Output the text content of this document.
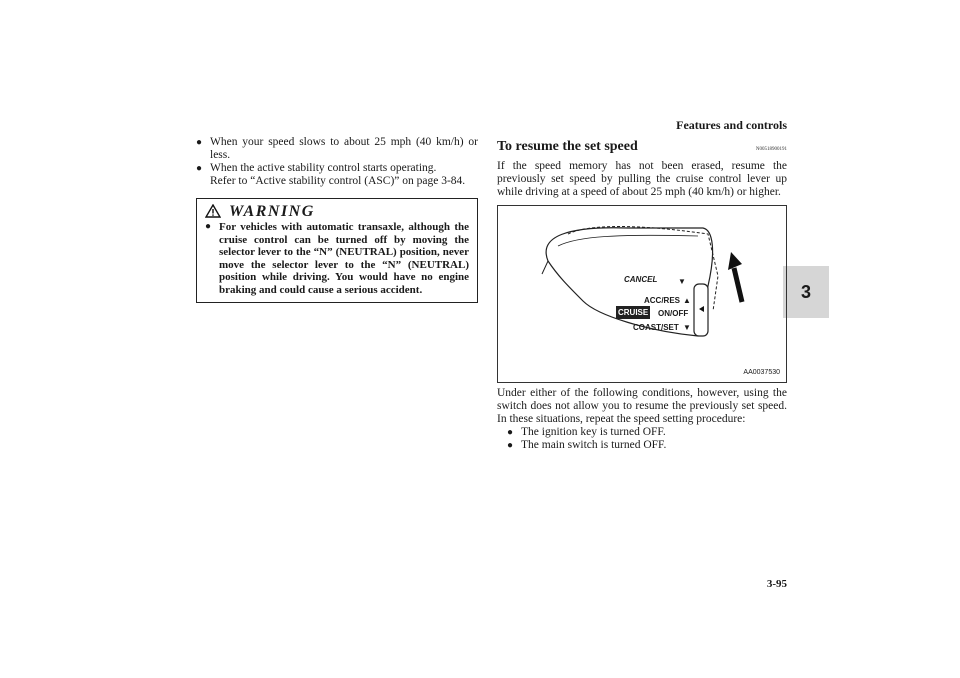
Features and controls
3
3-95
● When your speed slows to about 25 mph (40 km/h) or less.
● When the active stability control starts operating.
Refer to “Active stability control (ASC)” on page 3-84.
WARNING
● For vehicles with automatic transaxle, although the cruise control can be turned off by moving the selector lever to the “N” (NEUTRAL) position, never move the selector lever to the “N” (NEUTRAL) position while driving. You would have no engine braking and could cause a serious accident.
To resume the set speed	N00518900191
If the speed memory has not been erased, resume the previously set speed by pulling the cruise control lever up while driving at a speed of about 25 mph (40 km/h) or higher.
CANCEL	▼
ACC/RES ▲
CRUISE ON/OFF
COAST/SET ▼
AA0037530
Under either of the following conditions, however, using the switch does not allow you to resume the previously set speed. In these situations, repeat the speed setting procedure:
● The ignition key is turned OFF.
● The main switch is turned OFF.
